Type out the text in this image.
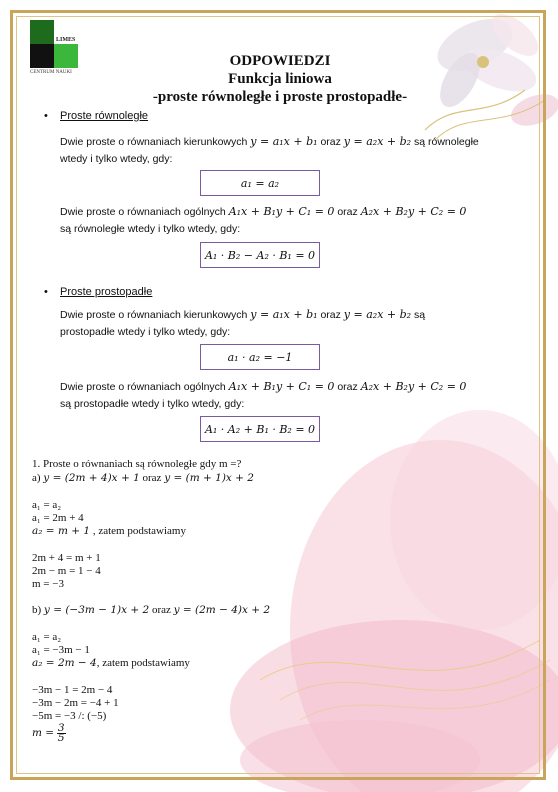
LIMES
CENTRUM NAUKI
ODPOWIEDZI
Funkcja liniowa
-proste równoległe i proste prostopadłe-
• Proste równoległe
Dwie proste o równaniach kierunkowych y = a₁x + b₁ oraz y = a₂x + b₂ są równoległe wtedy i tylko wtedy, gdy:
a₁ = a₂
Dwie proste o równaniach ogólnych A₁x + B₁y + C₁ = 0 oraz A₂x + B₂y + C₂ = 0 są równoległe wtedy i tylko wtedy, gdy:
A₁ · B₂ − A₂ · B₁ = 0
• Proste prostopadłe
Dwie proste o równaniach kierunkowych y = a₁x + b₁ oraz y = a₂x + b₂ są prostopadłe wtedy i tylko wtedy, gdy:
a₁ · a₂ = −1
Dwie proste o równaniach ogólnych A₁x + B₁y + C₁ = 0 oraz A₂x + B₂y + C₂ = 0 są prostopadłe wtedy i tylko wtedy, gdy:
A₁ · A₂ + B₁ · B₂ = 0
1. Proste o równaniach są równoległe gdy m =?
a) y = (2m + 4)x + 1 oraz y = (m + 1)x + 2
a₁ = a₂
a₁ = 2m + 4
a₂ = m + 1 , zatem podstawiamy
2m + 4 = m + 1
2m − m = 1 − 4
m = −3
b) y = (−3m − 1)x + 2 oraz y = (2m − 4)x + 2
a₁ = a₂
a₁ = −3m − 1
a₂ = 2m − 4, zatem podstawiamy
−3m − 1 = 2m − 4
−3m − 2m = −4 + 1
−5m = −3 /: (−5)
$m = \frac{3}{5}$
